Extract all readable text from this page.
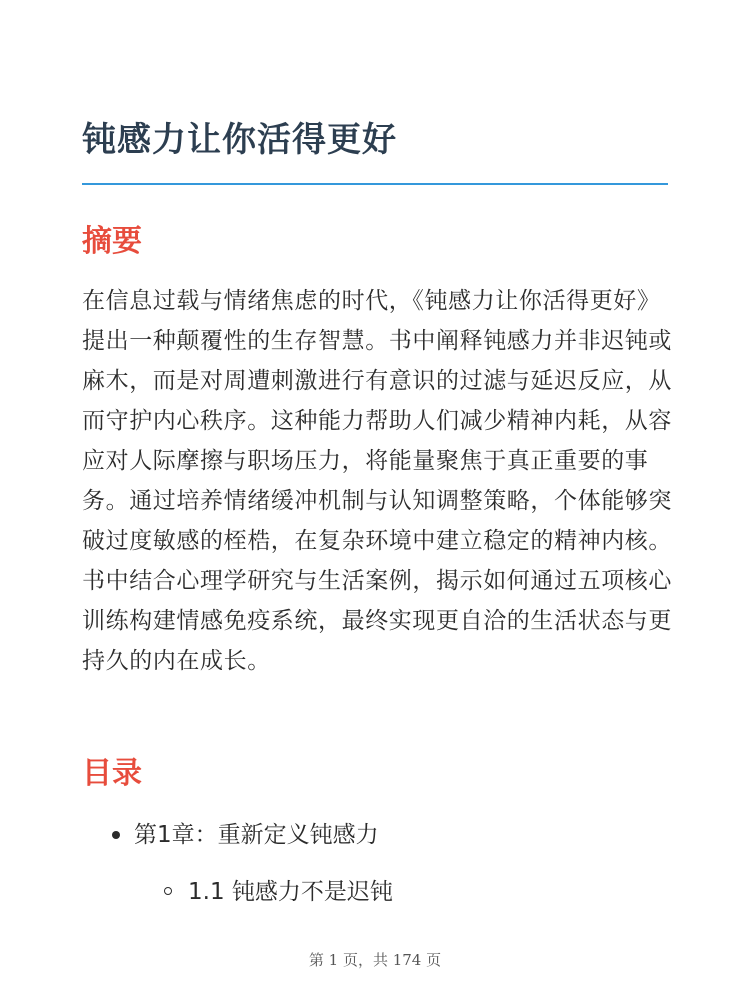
钝感力让你活得更好
摘要

在信息过载与情绪焦虑的时代，《钝感力让你活得更好》提出一种颠覆性的生存智慧。书中阐释钝感力并非迟钝或麻木，而是对周遭刺激进行有意识的过滤与延迟反应，从而守护内心秩序。这种能力帮助人们减少精神内耗，从容应对人际摩擦与职场压力，将能量聚焦于真正重要的事务。通过培养情绪缓冲机制与认知调整策略，个体能够突破过度敏感的桎梏，在复杂环境中建立稳定的精神内核。书中结合心理学研究与生活案例，揭示如何通过五项核心训练构建情感免疫系统，最终实现更自洽的生活状态与更持久的内在成长。

目录
第1章：重新定义钝感力
1.1 钝感力不是迟钝
第 1 页，共 174 页
